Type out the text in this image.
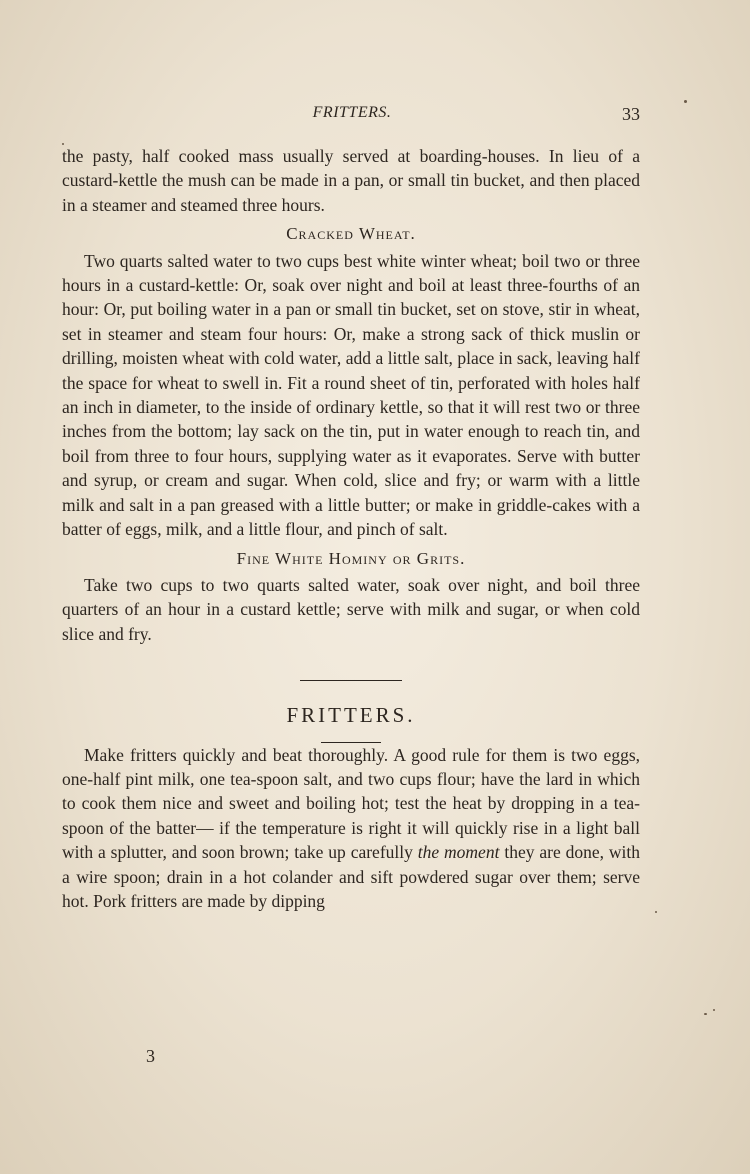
FRITTERS.	33

the pasty, half cooked mass usually served at boarding-houses. In lieu of a custard-kettle the mush can be made in a pan, or small tin bucket, and then placed in a steamer and steamed three hours.

Cracked Wheat.

Two quarts salted water to two cups best white winter wheat; boil two or three hours in a custard-kettle: Or, soak over night and boil at least three-fourths of an hour: Or, put boiling water in a pan or small tin bucket, set on stove, stir in wheat, set in steamer and steam four hours: Or, make a strong sack of thick muslin or drilling, moisten wheat with cold water, add a little salt, place in sack, leaving half the space for wheat to swell in. Fit a round sheet of tin, perforated with holes half an inch in diameter, to the inside of ordinary kettle, so that it will rest two or three inches from the bottom; lay sack on the tin, put in water enough to reach tin, and boil from three to four hours, supplying water as it evaporates. Serve with butter and syrup, or cream and sugar. When cold, slice and fry; or warm with a little milk and salt in a pan greased with a little butter; or make in griddle-cakes with a batter of eggs, milk, and a little flour, and pinch of salt.

Fine White Hominy or Grits.

Take two cups to two quarts salted water, soak over night, and boil three quarters of an hour in a custard kettle; serve with milk and sugar, or when cold slice and fry.

FRITTERS.

Make fritters quickly and beat thoroughly. A good rule for them is two eggs, one-half pint milk, one tea-spoon salt, and two cups flour; have the lard in which to cook them nice and sweet and boiling hot; test the heat by dropping in a tea-spoon of the batter— if the temperature is right it will quickly rise in a light ball with a splutter, and soon brown; take up carefully the moment they are done, with a wire spoon; drain in a hot colander and sift powdered sugar over them; serve hot. Pork fritters are made by dipping

3
